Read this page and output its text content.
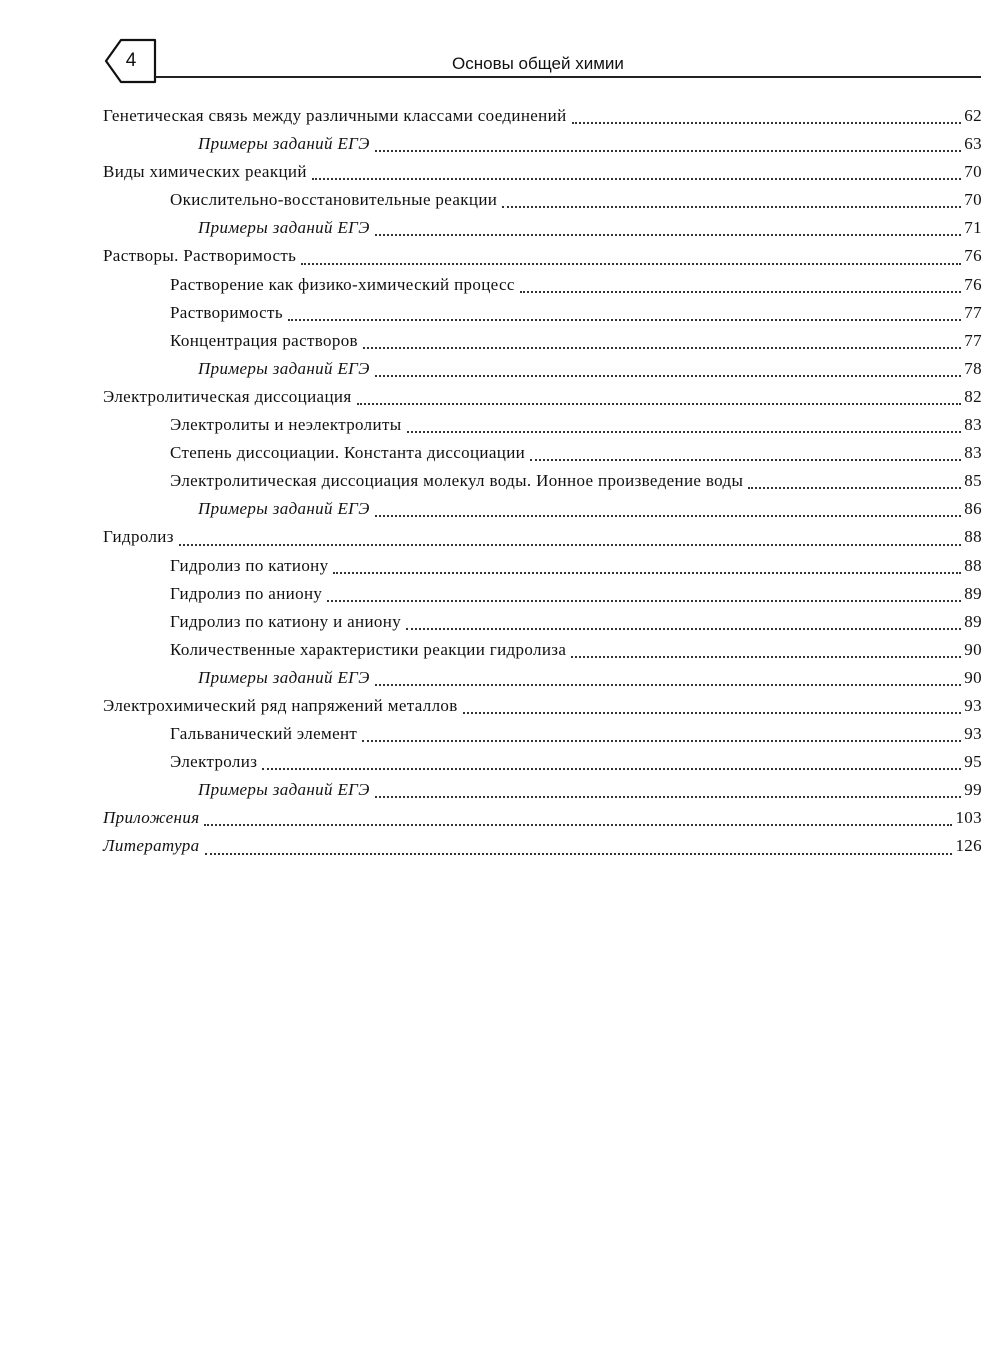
4	Основы общей химии
Генетическая связь между различными классами соединений	62
Примеры заданий ЕГЭ	63
Виды химических реакций	70
Окислительно-восстановительные реакции	70
Примеры заданий ЕГЭ	71
Растворы. Растворимость	76
Растворение как физико-химический процесс	76
Растворимость	77
Концентрация растворов	77
Примеры заданий ЕГЭ	78
Электролитическая диссоциация	82
Электролиты и неэлектролиты	83
Степень диссоциации. Константа диссоциации	83
Электролитическая диссоциация молекул воды. Ионное произведение воды	85
Примеры заданий ЕГЭ	86
Гидролиз	88
Гидролиз по катиону	88
Гидролиз по аниону	89
Гидролиз по катиону и аниону	89
Количественные характеристики реакции гидролиза	90
Примеры заданий ЕГЭ	90
Электрохимический ряд напряжений металлов	93
Гальванический элемент	93
Электролиз	95
Примеры заданий ЕГЭ	99
Приложения	103
Литература	126
